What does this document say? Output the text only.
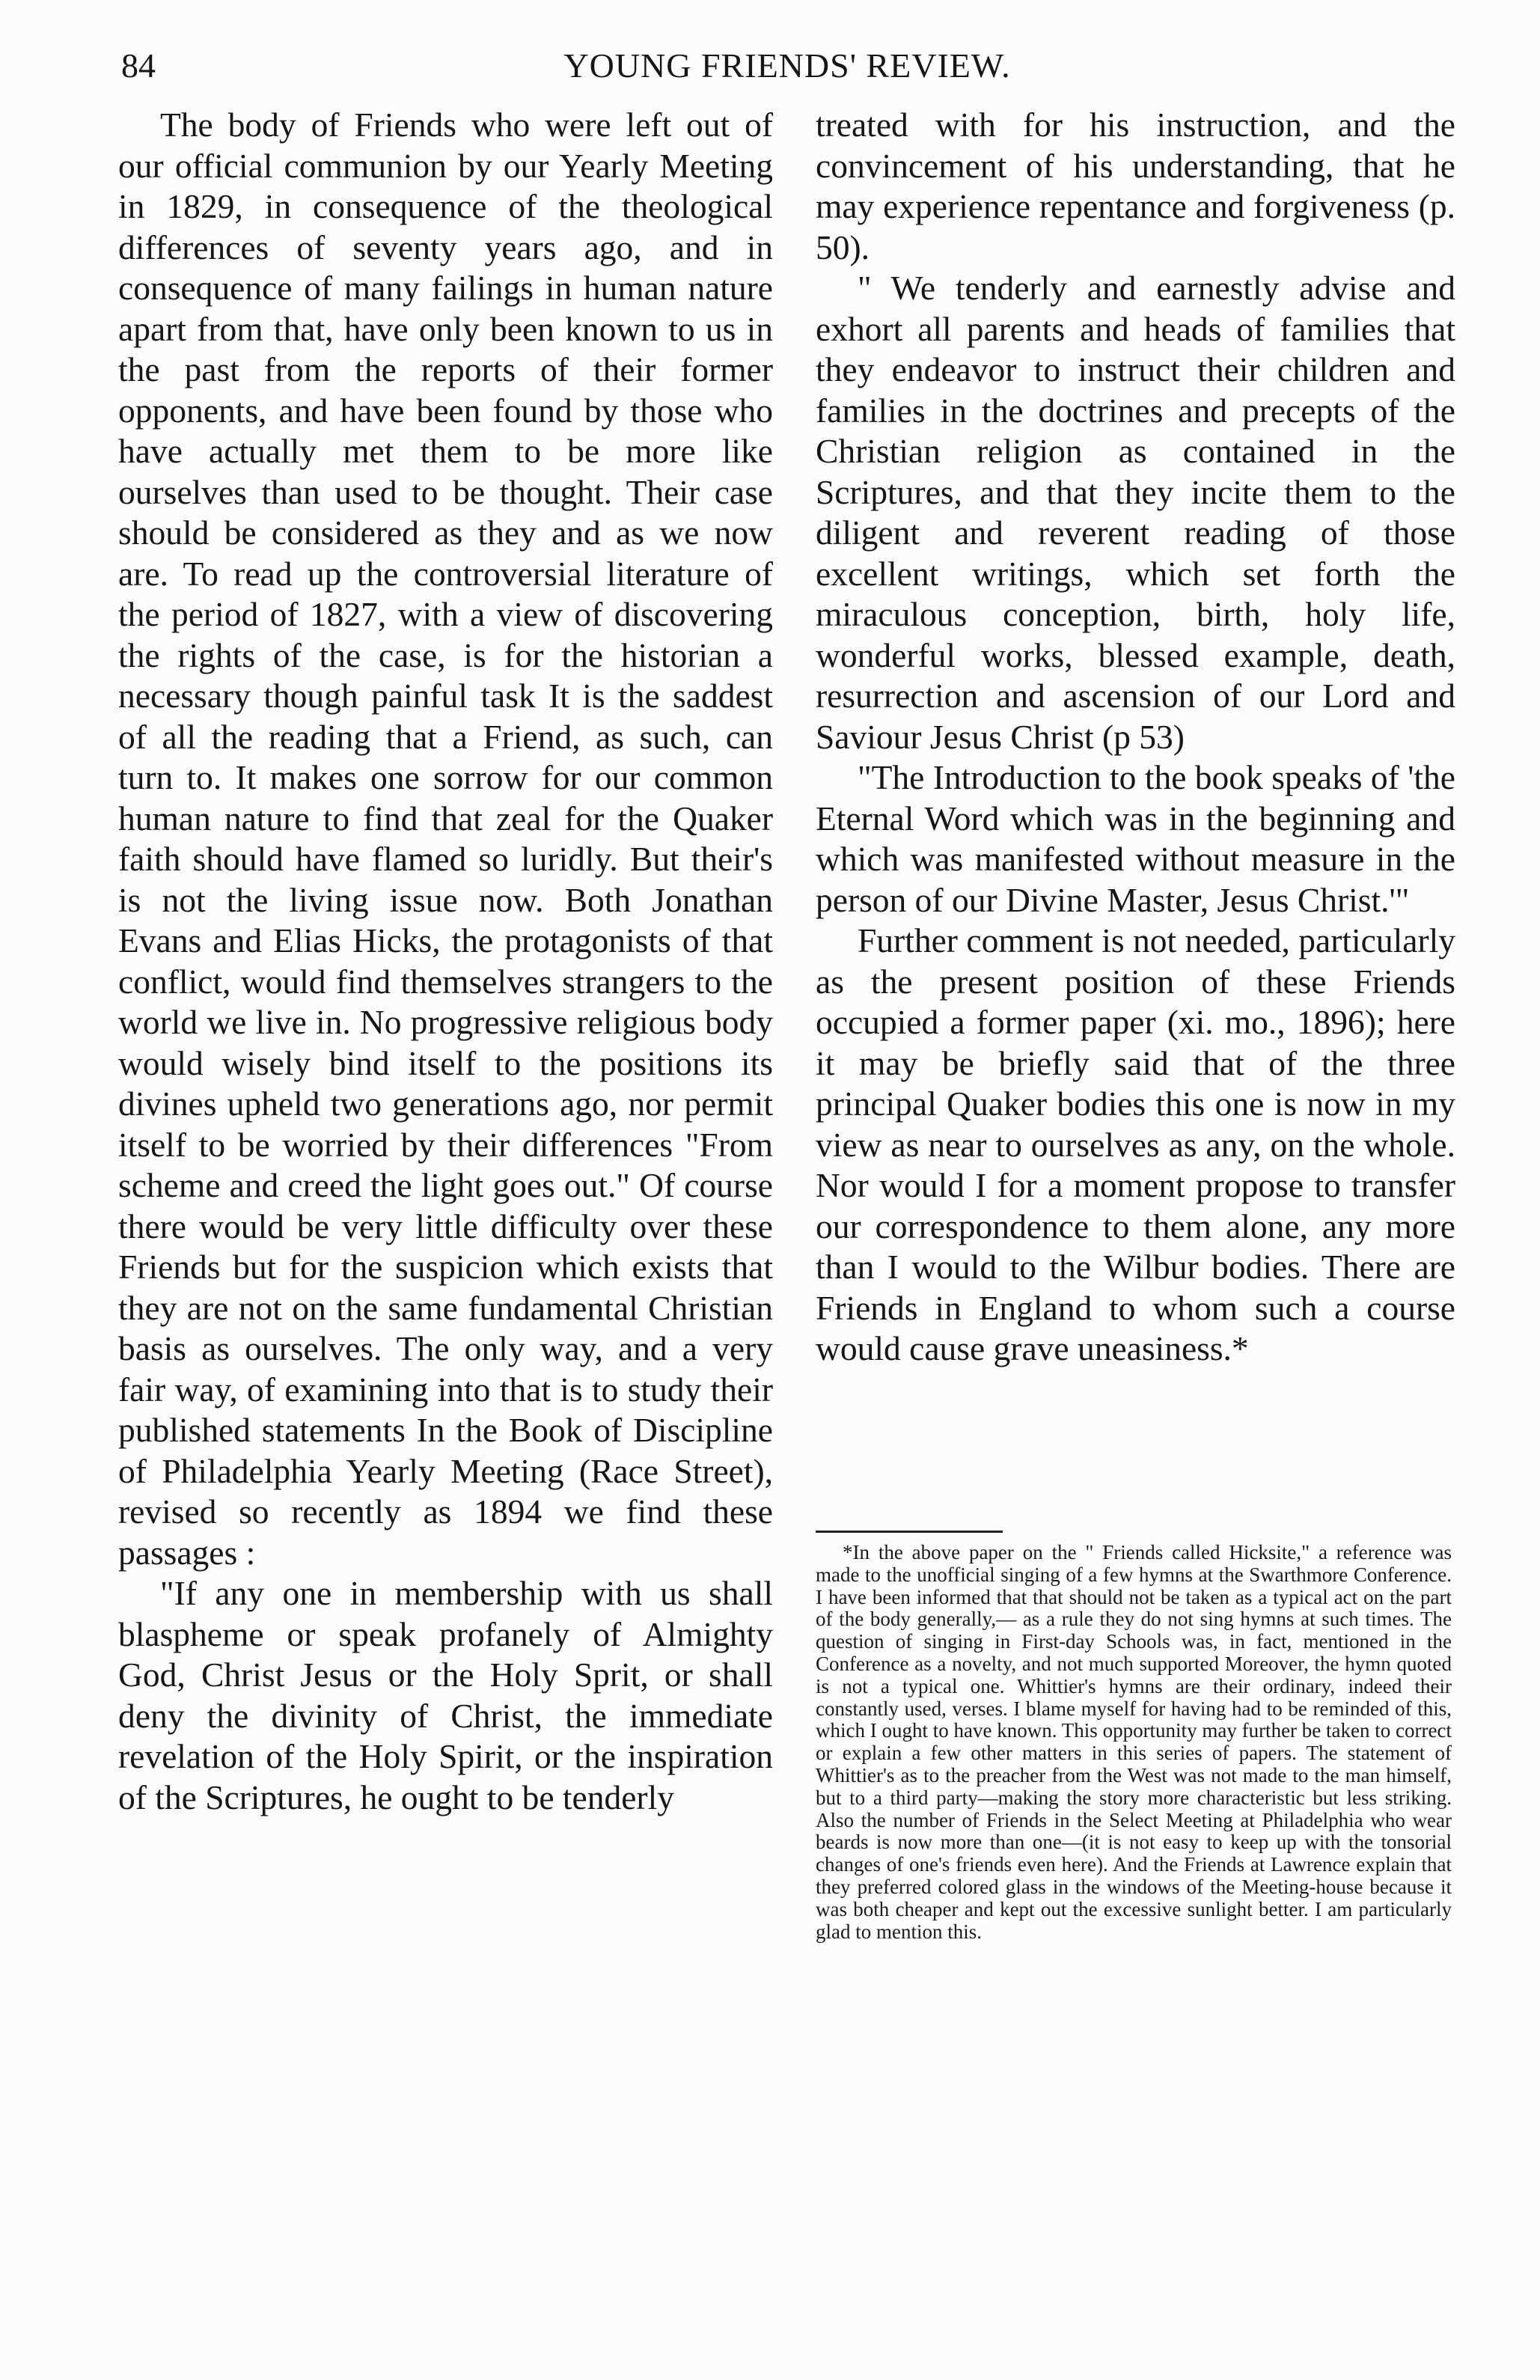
84	YOUNG FRIENDS' REVIEW.

The body of Friends who were left out of our official communion by our Yearly Meeting in 1829, in consequence of the theological differences of seventy years ago, and in consequence of many failings in human nature apart from that, have only been known to us in the past from the reports of their former opponents, and have been found by those who have actually met them to be more like ourselves than used to be thought. Their case should be considered as they and as we now are. To read up the controversial literature of the period of 1827, with a view of discovering the rights of the case, is for the historian a necessary though painful task It is the saddest of all the reading that a Friend, as such, can turn to. It makes one sorrow for our common human nature to find that zeal for the Quaker faith should have flamed so luridly. But their's is not the living issue now. Both Jonathan Evans and Elias Hicks, the protagonists of that conflict, would find themselves strangers to the world we live in. No progressive religious body would wisely bind itself to the positions its divines upheld two generations ago, nor permit itself to be worried by their differences "From scheme and creed the light goes out." Of course there would be very little difficulty over these Friends but for the suspicion which exists that they are not on the same fundamental Christian basis as ourselves. The only way, and a very fair way, of examining into that is to study their published statements In the Book of Discipline of Philadelphia Yearly Meeting (Race Street), revised so recently as 1894 we find these passages :

"If any one in membership with us shall blaspheme or speak profanely of Almighty God, Christ Jesus or the Holy Sprit, or shall deny the divinity of Christ, the immediate revelation of the Holy Spirit, or the inspiration of the Scriptures, he ought to be tenderly

treated with for his instruction, and the convincement of his understanding, that he may experience repentance and forgiveness (p. 50).

" We tenderly and earnestly advise and exhort all parents and heads of families that they endeavor to instruct their children and families in the doctrines and precepts of the Christian religion as contained in the Scriptures, and that they incite them to the diligent and reverent reading of those excellent writings, which set forth the miraculous conception, birth, holy life, wonderful works, blessed example, death, resurrection and ascension of our Lord and Saviour Jesus Christ (p 53)

"The Introduction to the book speaks of 'the Eternal Word which was in the beginning and which was manifested without measure in the person of our Divine Master, Jesus Christ.'"

Further comment is not needed, particularly as the present position of these Friends occupied a former paper (xi. mo., 1896); here it may be briefly said that of the three principal Quaker bodies this one is now in my view as near to ourselves as any, on the whole. Nor would I for a moment propose to transfer our correspondence to them alone, any more than I would to the Wilbur bodies. There are Friends in England to whom such a course would cause grave uneasiness.*

*In the above paper on the " Friends called Hicksite," a reference was made to the unofficial singing of a few hymns at the Swarthmore Conference. I have been informed that that should not be taken as a typical act on the part of the body generally,— as a rule they do not sing hymns at such times. The question of singing in First-day Schools was, in fact, mentioned in the Conference as a novelty, and not much supported Moreover, the hymn quoted is not a typical one. Whittier's hymns are their ordinary, indeed their constantly used, verses. I blame myself for having had to be reminded of this, which I ought to have known. This opportunity may further be taken to correct or explain a few other matters in this series of papers. The statement of Whittier's as to the preacher from the West was not made to the man himself, but to a third party—making the story more characteristic but less striking. Also the number of Friends in the Select Meeting at Philadelphia who wear beards is now more than one—(it is not easy to keep up with the tonsorial changes of one's friends even here). And the Friends at Lawrence explain that they preferred colored glass in the windows of the Meeting-house because it was both cheaper and kept out the excessive sunlight better. I am particularly glad to mention this.
